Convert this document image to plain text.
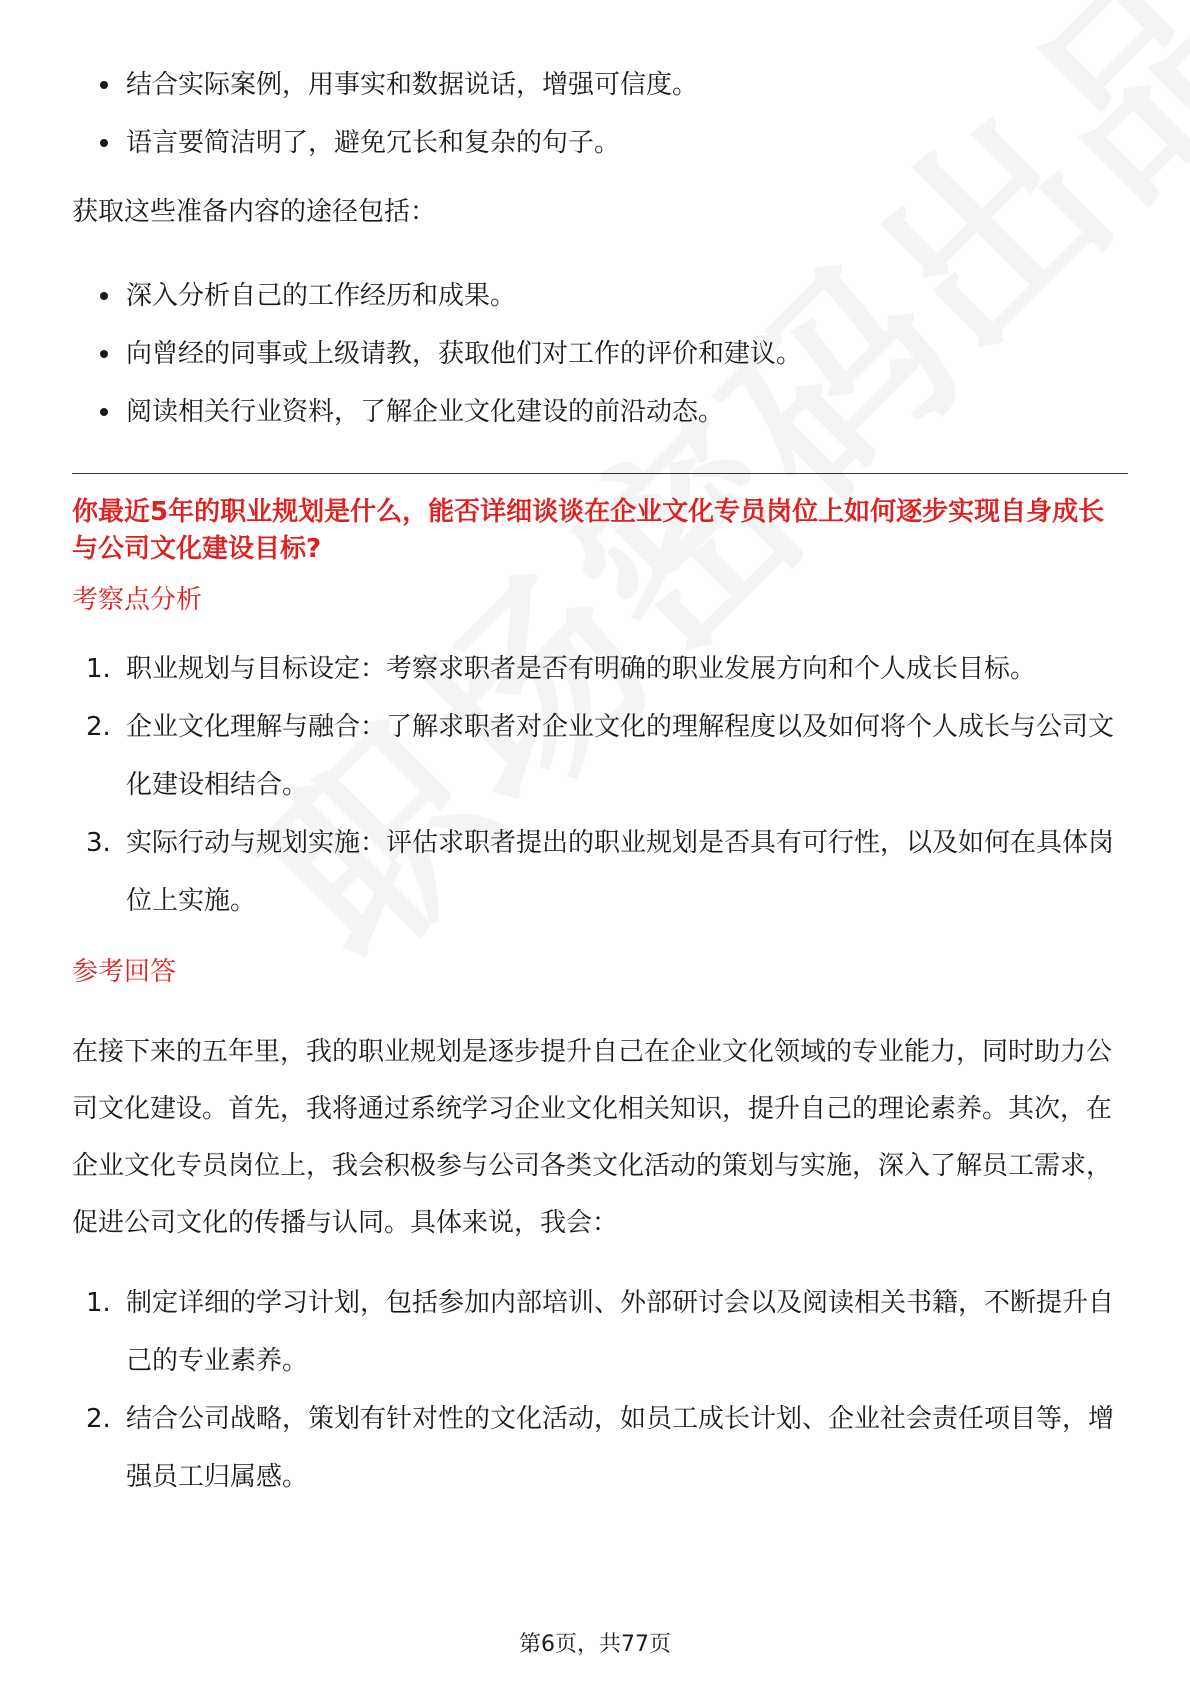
结合实际案例，用事实和数据说话，增强可信度。
语言要简洁明了，避免冗长和复杂的句子。

获取这些准备内容的途径包括：

深入分析自己的工作经历和成果。
向曾经的同事或上级请教，获取他们对工作的评价和建议。
阅读相关行业资料，了解企业文化建设的前沿动态。

你最近5年的职业规划是什么，能否详细谈谈在企业文化专员岗位上如何逐步实现自身成长与公司文化建设目标?

考察点分析

1. 职业规划与目标设定：考察求职者是否有明确的职业发展方向和个人成长目标。
2. 企业文化理解与融合：了解求职者对企业文化的理解程度以及如何将个人成长与公司文化建设相结合。
3. 实际行动与规划实施：评估求职者提出的职业规划是否具有可行性，以及如何在具体岗位上实施。

参考回答

在接下来的五年里，我的职业规划是逐步提升自己在企业文化领域的专业能力，同时助力公司文化建设。首先，我将通过系统学习企业文化相关知识，提升自己的理论素养。其次，在企业文化专员岗位上，我会积极参与公司各类文化活动的策划与实施，深入了解员工需求，促进公司文化的传播与认同。具体来说，我会：

1. 制定详细的学习计划，包括参加内部培训、外部研讨会以及阅读相关书籍，不断提升自己的专业素养。
2. 结合公司战略，策划有针对性的文化活动，如员工成长计划、企业社会责任项目等，增强员工归属感。
第6页，共77页
